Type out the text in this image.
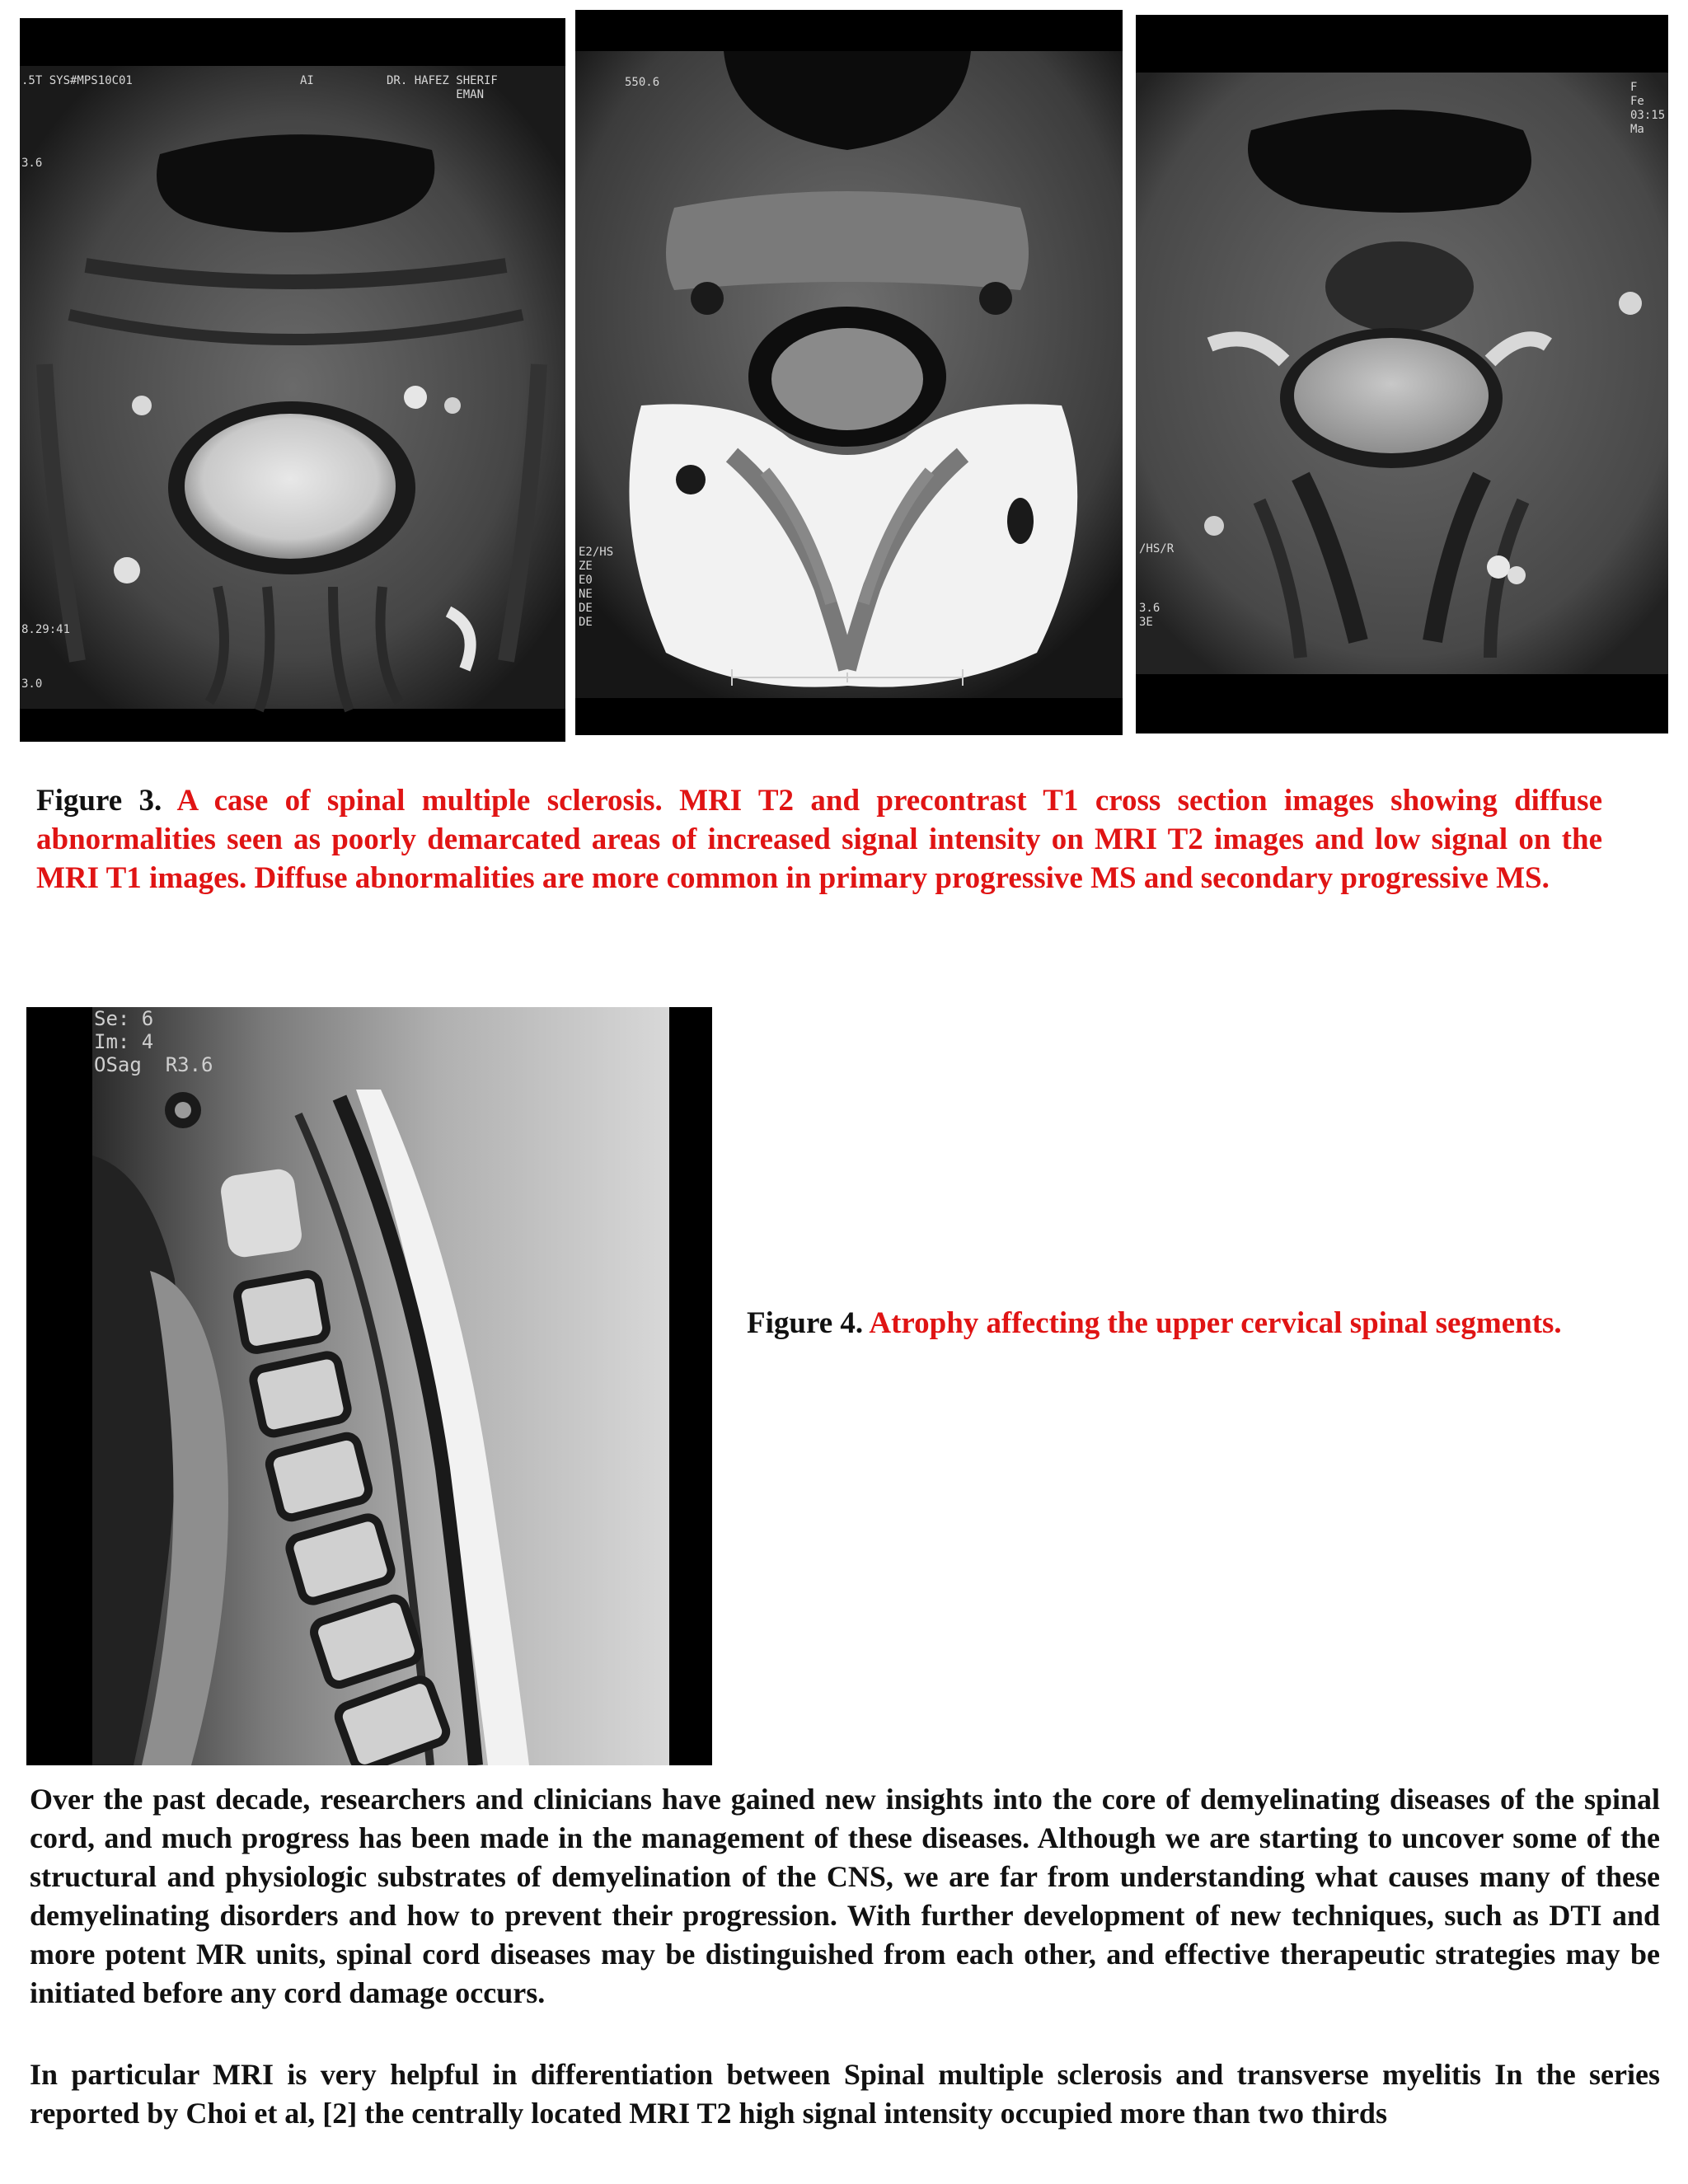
.5T SYS#MPS10C01	AI	DR. HAFEZ SHERIF
EMAN
3.6
8.29:41
3.0
550.6
E2/HS
ZE
E0
NE
DE
DE
F
Fe
03:15
Ma
/HS/R
3.6
3E
Figure 3. A case of spinal multiple sclerosis. MRI T2 and precontrast T1 cross section images showing diffuse abnormalities seen as poorly demarcated areas of increased signal intensity on MRI T2 images and low signal on the MRI T1 images. Diffuse abnormalities are more common in primary progressive MS and secondary progressive MS.
Se: 6
Im: 4
OSag  R3.6
Figure 4. Atrophy affecting the upper cervical spinal segments.
Over the past decade, researchers and clinicians have gained new insights into the core of demyelinating diseases of the spinal cord, and much progress has been made in the management of these diseases. Although we are starting to uncover some of the structural and physiologic substrates of demyelination of the CNS, we are far from understanding what causes many of these demyelinating disorders and how to prevent their progression. With further development of new techniques, such as DTI and more potent MR units, spinal cord diseases may be distinguished from each other, and effective therapeutic strategies may be initiated before any cord damage occurs.
In particular MRI is very helpful in differentiation between Spinal multiple sclerosis and transverse myelitis In the series reported by Choi et al, [2] the centrally located MRI T2 high signal intensity occupied more than two thirds
